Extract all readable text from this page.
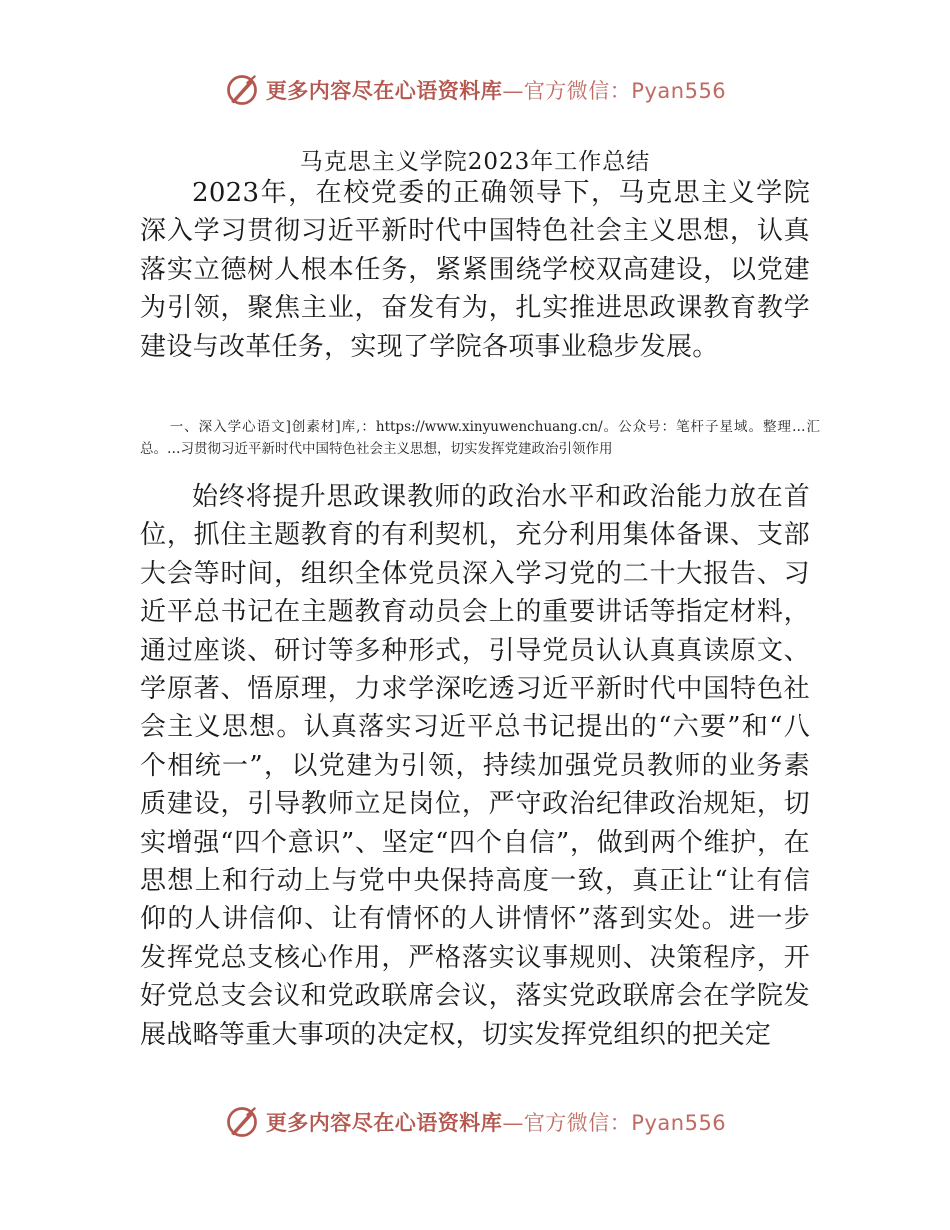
更多内容尽在心语资料库—官方微信：Pyan556
马克思主义学院2023年工作总结

2023年，在校党委的正确领导下，马克思主义学院深入学习贯彻习近平新时代中国特色社会主义思想，认真落实立德树人根本任务，紧紧围绕学校双高建设，以党建为引领，聚焦主业，奋发有为，扎实推进思政课教育教学建设与改革任务，实现了学院各项事业稳步发展。

一、深入学心语文]创素材]库,：https://www.xinyuwenchuang.cn/。公众号：笔杆子星域。整理…汇总。…习贯彻习近平新时代中国特色社会主义思想，切实发挥党建政治引领作用

始终将提升思政课教师的政治水平和政治能力放在首位，抓住主题教育的有利契机，充分利用集体备课、支部大会等时间，组织全体党员深入学习党的二十大报告、习近平总书记在主题教育动员会上的重要讲话等指定材料，通过座谈、研讨等多种形式，引导党员认认真真读原文、学原著、悟原理，力求学深吃透习近平新时代中国特色社会主义思想。认真落实习近平总书记提出的“六要”和“八个相统一”，以党建为引领，持续加强党员教师的业务素质建设，引导教师立足岗位，严守政治纪律政治规矩，切实增强“四个意识”、坚定“四个自信”，做到两个维护，在思想上和行动上与党中央保持高度一致，真正让“让有信仰的人讲信仰、让有情怀的人讲情怀”落到实处。进一步发挥党总支核心作用，严格落实议事规则、决策程序，开好党总支会议和党政联席会议，落实党政联席会在学院发展战略等重大事项的决定权，切实发挥党组织的把关定

更多内容尽在心语资料库—官方微信：Pyan556
